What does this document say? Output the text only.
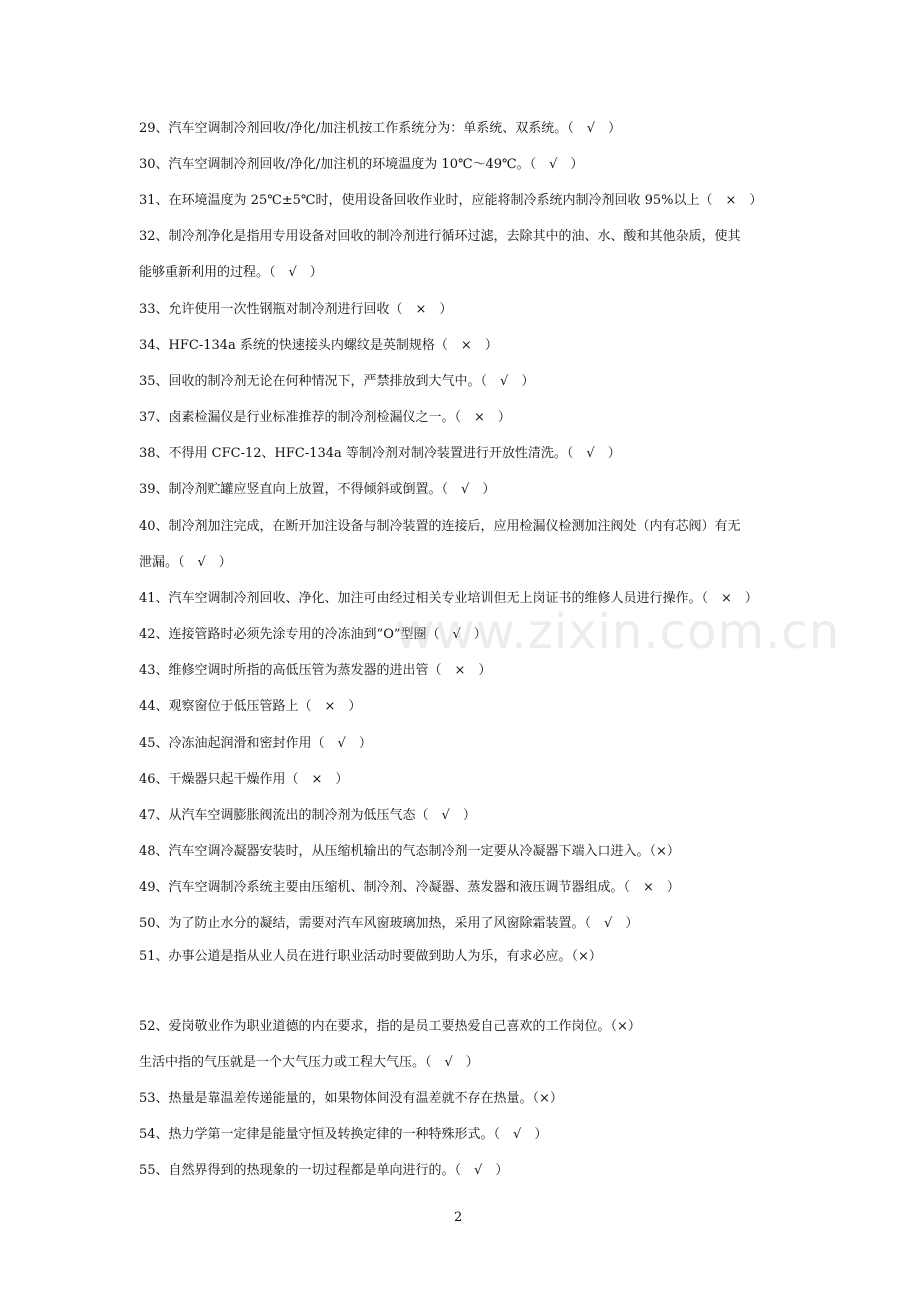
29、汽车空调制冷剂回收/净化/加注机按工作系统分为：单系统、双系统。（　√　）
30、汽车空调制冷剂回收/净化/加注机的环境温度为 10℃～49℃。（　√　）
31、在环境温度为 25℃±5℃时，使用设备回收作业时，应能将制冷系统内制冷剂回收 95%以上（　×　）
32、制冷剂净化是指用专用设备对回收的制冷剂进行循环过滤，去除其中的油、水、酸和其他杂质，使其
能够重新利用的过程。（　√　）
33、允许使用一次性钢瓶对制冷剂进行回收（　×　）
34、HFC-134a 系统的快速接头内螺纹是英制规格（　×　）
35、回收的制冷剂无论在何种情况下，严禁排放到大气中。（　√　）
37、卤素检漏仪是行业标准推荐的制冷剂检漏仪之一。（　×　）
38、不得用 CFC-12、HFC-134a 等制冷剂对制冷装置进行开放性清洗。（　√　）
39、制冷剂贮罐应竖直向上放置，不得倾斜或倒置。（　√　）
40、制冷剂加注完成，在断开加注设备与制冷装置的连接后，应用检漏仪检测加注阀处（内有芯阀）有无
泄漏。（　√　）
41、汽车空调制冷剂回收、净化、加注可由经过相关专业培训但无上岗证书的维修人员进行操作。（　×　）
42、连接管路时必须先涂专用的冷冻油到“O”型圈（　√　）
43、维修空调时所指的高低压管为蒸发器的进出管（　×　）
44、观察窗位于低压管路上（　×　）
45、冷冻油起润滑和密封作用（　√　）
46、干燥器只起干燥作用（　×　）
47、从汽车空调膨胀阀流出的制冷剂为低压气态（　√　）
48、汽车空调冷凝器安装时，从压缩机输出的气态制冷剂一定要从冷凝器下端入口进入。（×）
49、汽车空调制冷系统主要由压缩机、制冷剂、冷凝器、蒸发器和液压调节器组成。（　×　）
50、为了防止水分的凝结，需要对汽车风窗玻璃加热，采用了风窗除霜装置。（　√　）
51、办事公道是指从业人员在进行职业活动时要做到助人为乐，有求必应。（×）
52、爱岗敬业作为职业道德的内在要求，指的是员工要热爱自己喜欢的工作岗位。（×）
生活中指的气压就是一个大气压力或工程大气压。（　√　）
53、热量是靠温差传递能量的，如果物体间没有温差就不存在热量。（×）
54、热力学第一定律是能量守恒及转换定律的一种特殊形式。（　√　）
55、自然界得到的热现象的一切过程都是单向进行的。（　√　）
www.zixin.com.cn
2
